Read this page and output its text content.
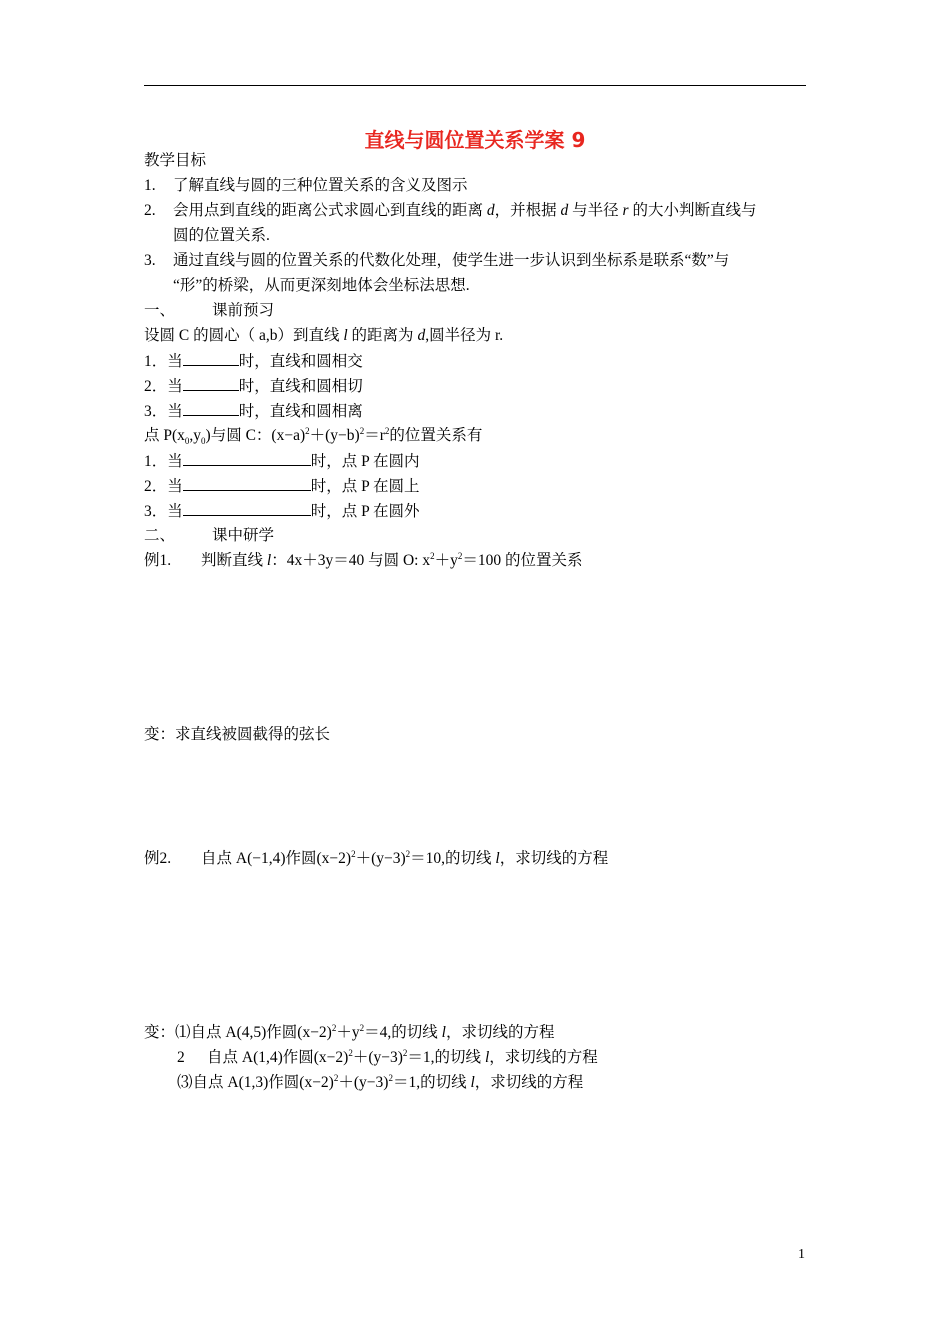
直线与圆位置关系学案 9
教学目标
1. 了解直线与圆的三种位置关系的含义及图示
2. 会用点到直线的距离公式求圆心到直线的距离 d，并根据 d 与半径 r 的大小判断直线与
圆的位置关系.
3. 通过直线与圆的位置关系的代数化处理，使学生进一步认识到坐标系是联系“数”与
“形”的桥梁，从而更深刻地体会坐标法思想.
一、 课前预习
设圆 C 的圆心（ a,b）到直线 l 的距离为 d,圆半径为 r.
1．当	时，直线和圆相交
2．当	时，直线和圆相切
3．当	时，直线和圆相离
点 $P(x_0,y_0)$与圆 C：$(x-a)^2+(y-b)^2=r^2$的位置关系有
1．当	时，点 P 在圆内
2．当	时，点 P 在圆上
3．当	时，点 P 在圆外
二、 课中研学
例1. 判断直线 l：4x＋3y＝40 与圆 O: $x^2+y^2=100$ 的位置关系
变：求直线被圆截得的弦长
例2. 自点 A(−1,4)作圆$(x-2)^2+(y-3)^2=10$,的切线 l，求切线的方程
变：⑴自点 A(4,5)作圆$(x-2)^2+y^2=4$,的切线 l，求切线的方程
2 自点 A(1,4)作圆$(x-2)^2+(y-3)^2=1$,的切线 l，求切线的方程
⑶自点 A(1,3)作圆$(x-2)^2+(y-3)^2=1$,的切线 l，求切线的方程
1
